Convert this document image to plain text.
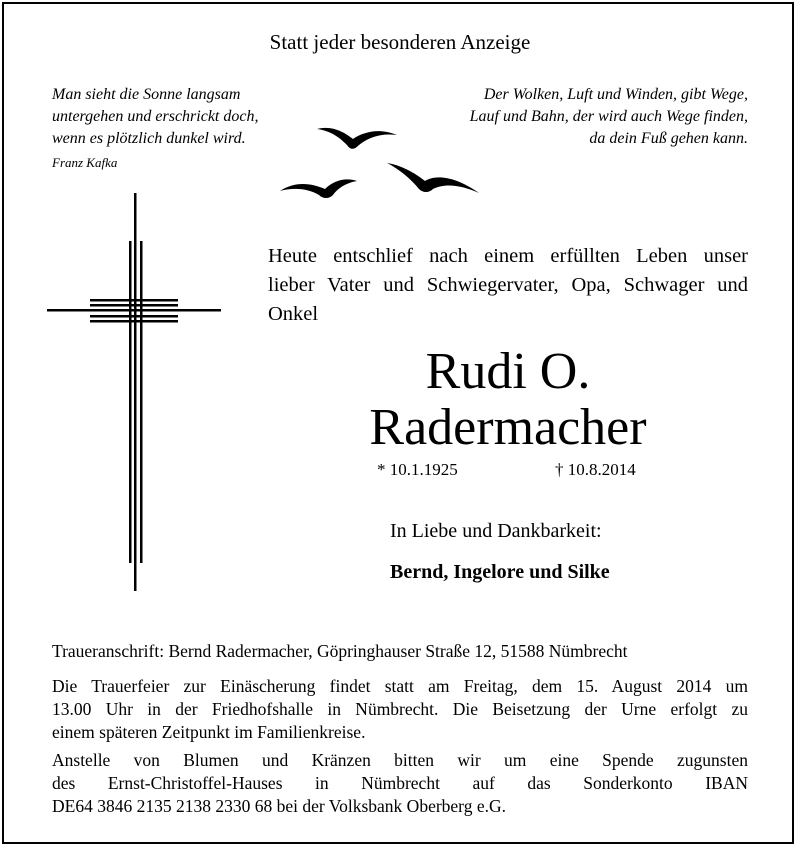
Statt jeder besonderen Anzeige
Man sieht die Sonne langsam
untergehen und erschrickt doch,
wenn es plötzlich dunkel wird.
Franz Kafka
Der Wolken, Luft und Winden, gibt Wege,
Lauf und Bahn, der wird auch Wege finden,
da dein Fuß gehen kann.
Heute entschlief nach einem erfüllten Leben unser
lieber Vater und Schwiegervater, Opa, Schwager und
Onkel
Rudi O.
Radermacher
* 10.1.1925	† 10.8.2014
In Liebe und Dankbarkeit:
Bernd, Ingelore und Silke
Traueranschrift: Bernd Radermacher, Göpringhauser Straße 12, 51588 Nümbrecht
Die Trauerfeier zur Einäscherung findet statt am Freitag, dem 15. August 2014 um
13.00 Uhr in der Friedhofshalle in Nümbrecht. Die Beisetzung der Urne erfolgt zu
einem späteren Zeitpunkt im Familienkreise.
Anstelle von Blumen und Kränzen bitten wir um eine Spende zugunsten
des Ernst-Christoffel-Hauses in Nümbrecht auf das Sonderkonto IBAN
DE64 3846 2135 2138 2330 68 bei der Volksbank Oberberg e.G.
